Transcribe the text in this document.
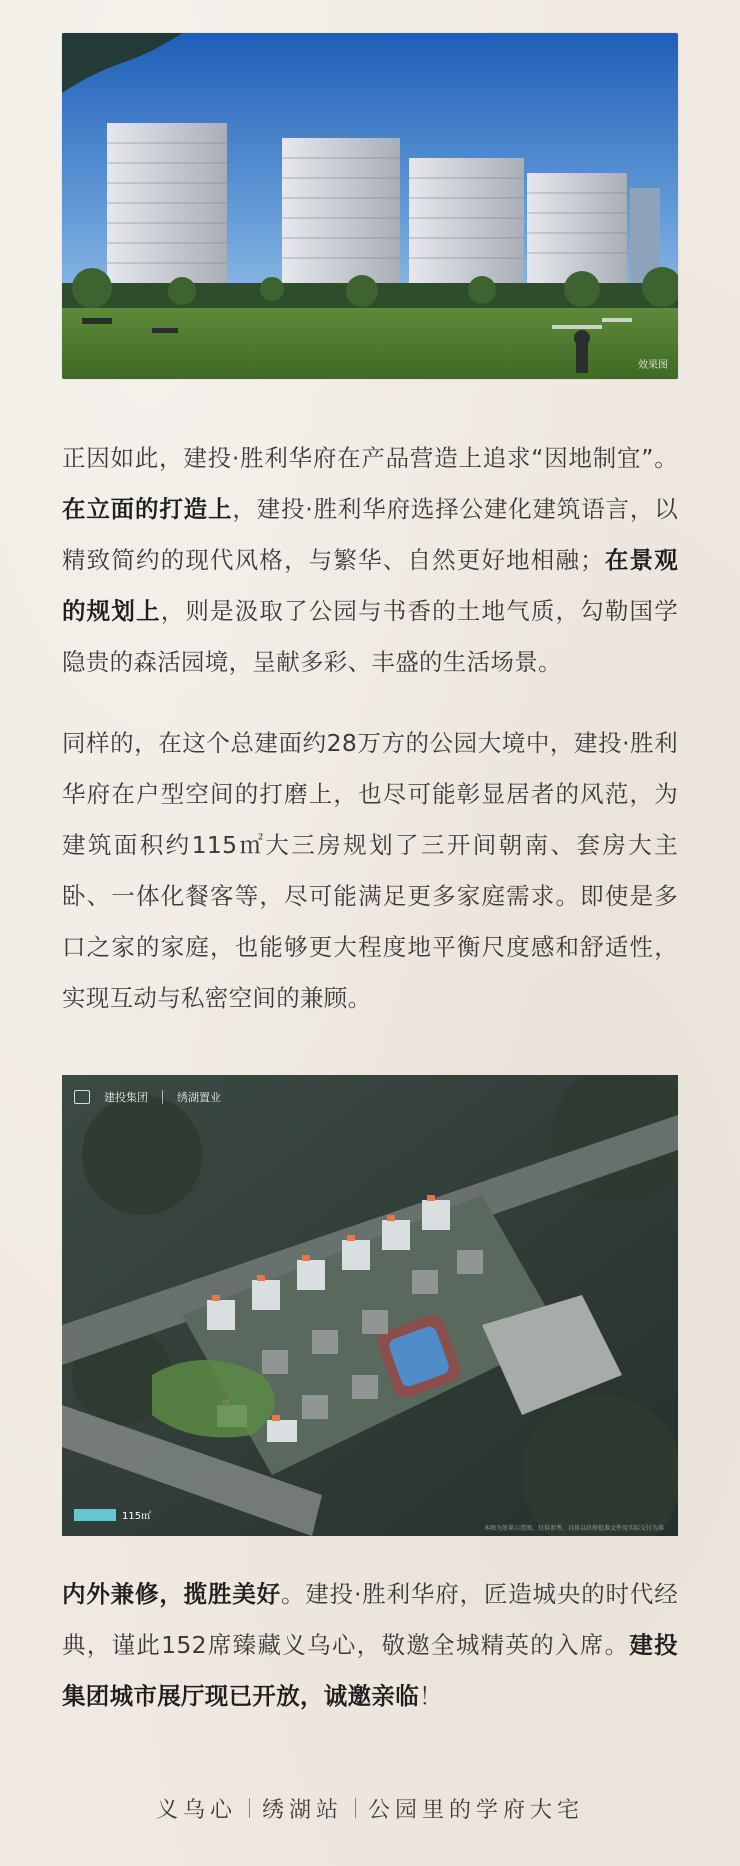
效果图
正因如此，建投·胜利华府在产品营造上追求“因地制宜”。在立面的打造上，建投·胜利华府选择公建化建筑语言，以精致简约的现代风格，与繁华、自然更好地相融；在景观的规划上，则是汲取了公园与书香的土地气质，勾勒国学隐贵的森活园境，呈献多彩、丰盛的生活场景。
同样的，在这个总建面约28万方的公园大境中，建投·胜利华府在户型空间的打磨上，也尽可能彰显居者的风范，为建筑面积约115㎡大三房规划了三开间朝南、套房大主卧、一体化餐客等，尽可能满足更多家庭需求。即使是多口之家的家庭，也能够更大程度地平衡尺度感和舒适性，实现互动与私密空间的兼顾。
建投集团	绣湖置业
115㎡
本图为效果示意图，仅供参考，具体以政府批准文件及实际交付为准
内外兼修，揽胜美好。建投·胜利华府，匠造城央的时代经典，谨此152席臻藏义乌心，敬邀全城精英的入席。建投集团城市展厅现已开放，诚邀亲临！
义乌心 绣湖站 公园里的学府大宅
